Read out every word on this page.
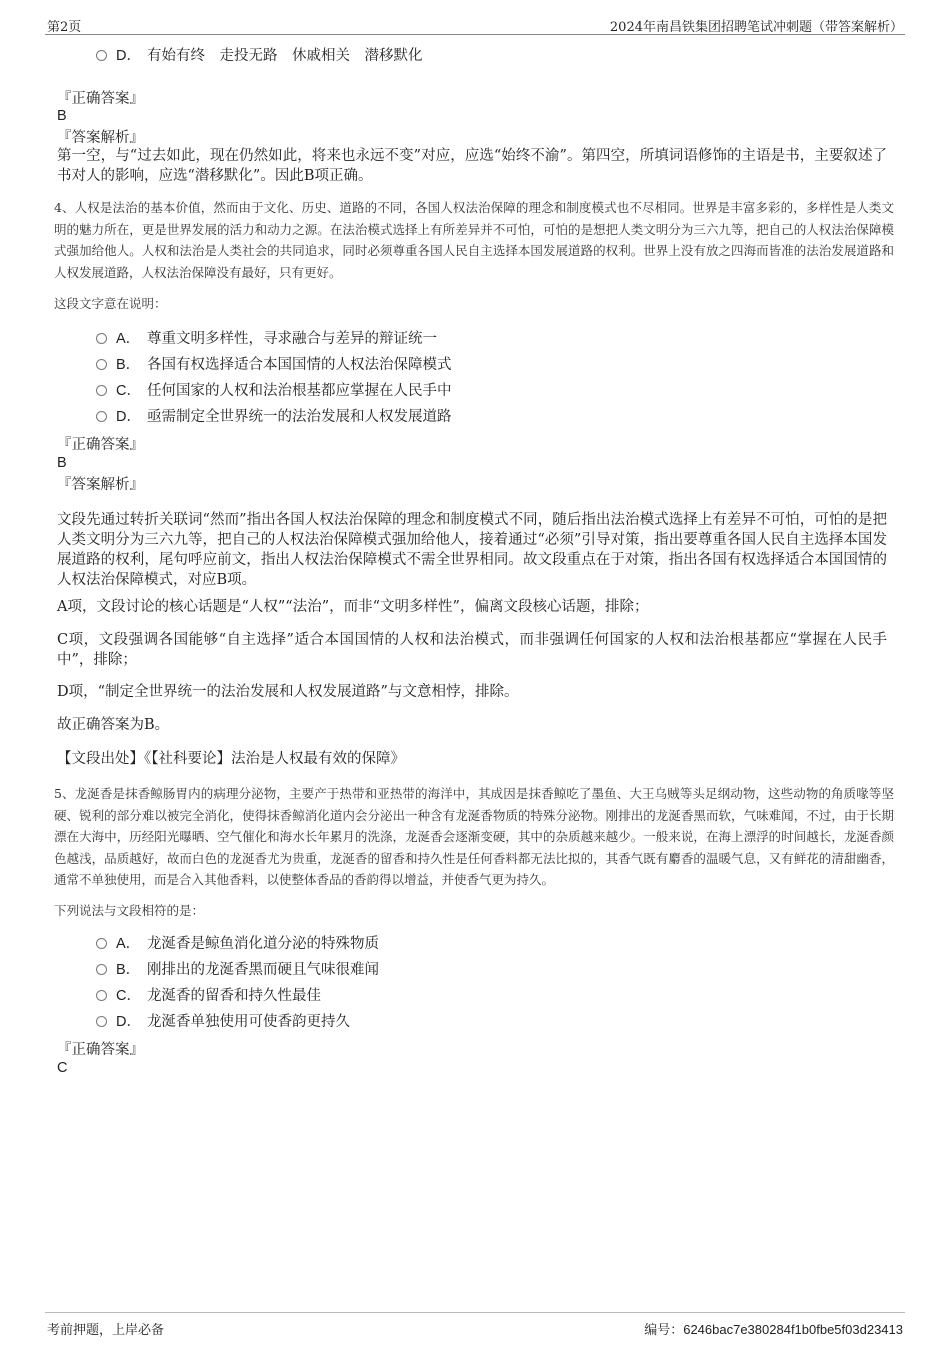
第2页	2024年南昌铁集团招聘笔试冲刺题（带答案解析）
D． 有始有终　走投无路　休戚相关　潜移默化
『正确答案』
B
『答案解析』
第一空，与“过去如此，现在仍然如此，将来也永远不变”对应，应选“始终不渝”。第四空，所填词语修饰的主语是书，主要叙述了书对人的影响，应选“潜移默化”。因此B项正确。
4、人权是法治的基本价值，然而由于文化、历史、道路的不同，各国人权法治保障的理念和制度模式也不尽相同。世界是丰富多彩的，多样性是人类文明的魅力所在，更是世界发展的活力和动力之源。在法治模式选择上有所差异并不可怕，可怕的是想把人类文明分为三六九等，把自己的人权法治保障模式强加给他人。人权和法治是人类社会的共同追求，同时必须尊重各国人民自主选择本国发展道路的权利。世界上没有放之四海而皆准的法治发展道路和人权发展道路，人权法治保障没有最好，只有更好。
这段文字意在说明：
A． 尊重文明多样性，寻求融合与差异的辩证统一
B． 各国有权选择适合本国国情的人权法治保障模式
C． 任何国家的人权和法治根基都应掌握在人民手中
D． 亟需制定全世界统一的法治发展和人权发展道路
『正确答案』
B
『答案解析』
文段先通过转折关联词“然而”指出各国人权法治保障的理念和制度模式不同，随后指出法治模式选择上有差异不可怕，可怕的是把人类文明分为三六九等，把自己的人权法治保障模式强加给他人，接着通过“必须”引导对策，指出要尊重各国人民自主选择本国发展道路的权利，尾句呼应前文，指出人权法治保障模式不需全世界相同。故文段重点在于对策，指出各国有权选择适合本国国情的人权法治保障模式，对应B项。
A项，文段讨论的核心话题是“人权”“法治”，而非“文明多样性”，偏离文段核心话题，排除；
C项，文段强调各国能够“自主选择”适合本国国情的人权和法治模式，而非强调任何国家的人权和法治根基都应“掌握在人民手中”，排除；
D项，“制定全世界统一的法治发展和人权发展道路”与文意相悖，排除。
故正确答案为B。
【文段出处】《【社科要论】法治是人权最有效的保障》
5、龙涎香是抹香鲸肠胃内的病理分泌物，主要产于热带和亚热带的海洋中，其成因是抹香鲸吃了墨鱼、大王乌贼等头足纲动物，这些动物的角质喙等坚硬、锐利的部分难以被完全消化，使得抹香鲸消化道内会分泌出一种含有龙涎香物质的特殊分泌物。刚排出的龙涎香黑而软，气味难闻，不过，由于长期漂在大海中，历经阳光曝晒、空气催化和海水长年累月的洗涤，龙涎香会逐渐变硬，其中的杂质越来越少。一般来说，在海上漂浮的时间越长，龙涎香颜色越浅，品质越好，故而白色的龙涎香尤为贵重，龙涎香的留香和持久性是任何香料都无法比拟的，其香气既有麝香的温暖气息，又有鲜花的清甜幽香，通常不单独使用，而是合入其他香料，以使整体香品的香韵得以增益，并使香气更为持久。
下列说法与文段相符的是：
A． 龙涎香是鲸鱼消化道分泌的特殊物质
B． 刚排出的龙涎香黑而硬且气味很难闻
C． 龙涎香的留香和持久性最佳
D． 龙涎香单独使用可使香韵更持久
『正确答案』
C
考前押题，上岸必备	编号：6246bac7e380284f1b0fbe5f03d23413
